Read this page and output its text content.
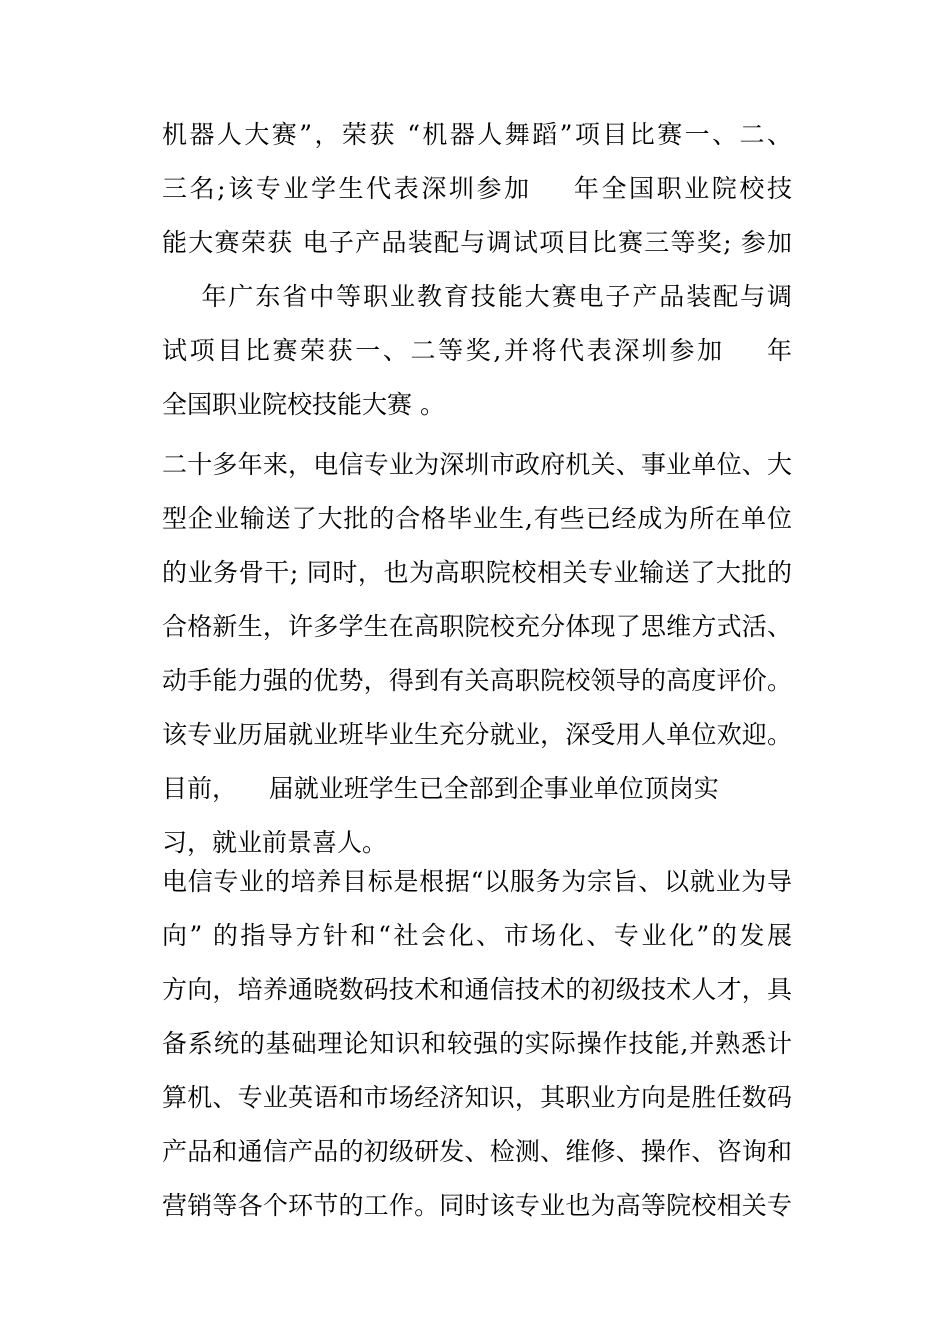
机器人大赛”，荣获 “机器人舞蹈”项目比赛一、二、
三名;该专业学生代表深圳参加    年全国职业院校技
能大赛荣获 电子产品装配与调试项目比赛三等奖; 参加
年广东省中等职业教育技能大赛电子产品装配与调
试项目比赛荣获一、二等奖,并将代表深圳参加    年
全国职业院校技能大赛 。
二十多年来，电信专业为深圳市政府机关、事业单位、大
型企业输送了大批的合格毕业生,有些已经成为所在单位
的业务骨干; 同时，也为高职院校相关专业输送了大批的
合格新生，许多学生在高职院校充分体现了思维方式活、
动手能力强的优势，得到有关高职院校领导的高度评价。
该专业历届就业班毕业生充分就业，深受用人单位欢迎。
目前，    届就业班学生已全部到企事业单位顶岗实
习，就业前景喜人。
电信专业的培养目标是根据“以服务为宗旨、以就业为导
向” 的指导方针和“社会化、市场化、专业化”的发展
方向，培养通晓数码技术和通信技术的初级技术人才，具
备系统的基础理论知识和较强的实际操作技能,并熟悉计
算机、专业英语和市场经济知识，其职业方向是胜任数码
产品和通信产品的初级研发、检测、维修、操作、咨询和
营销等各个环节的工作。同时该专业也为高等院校相关专
